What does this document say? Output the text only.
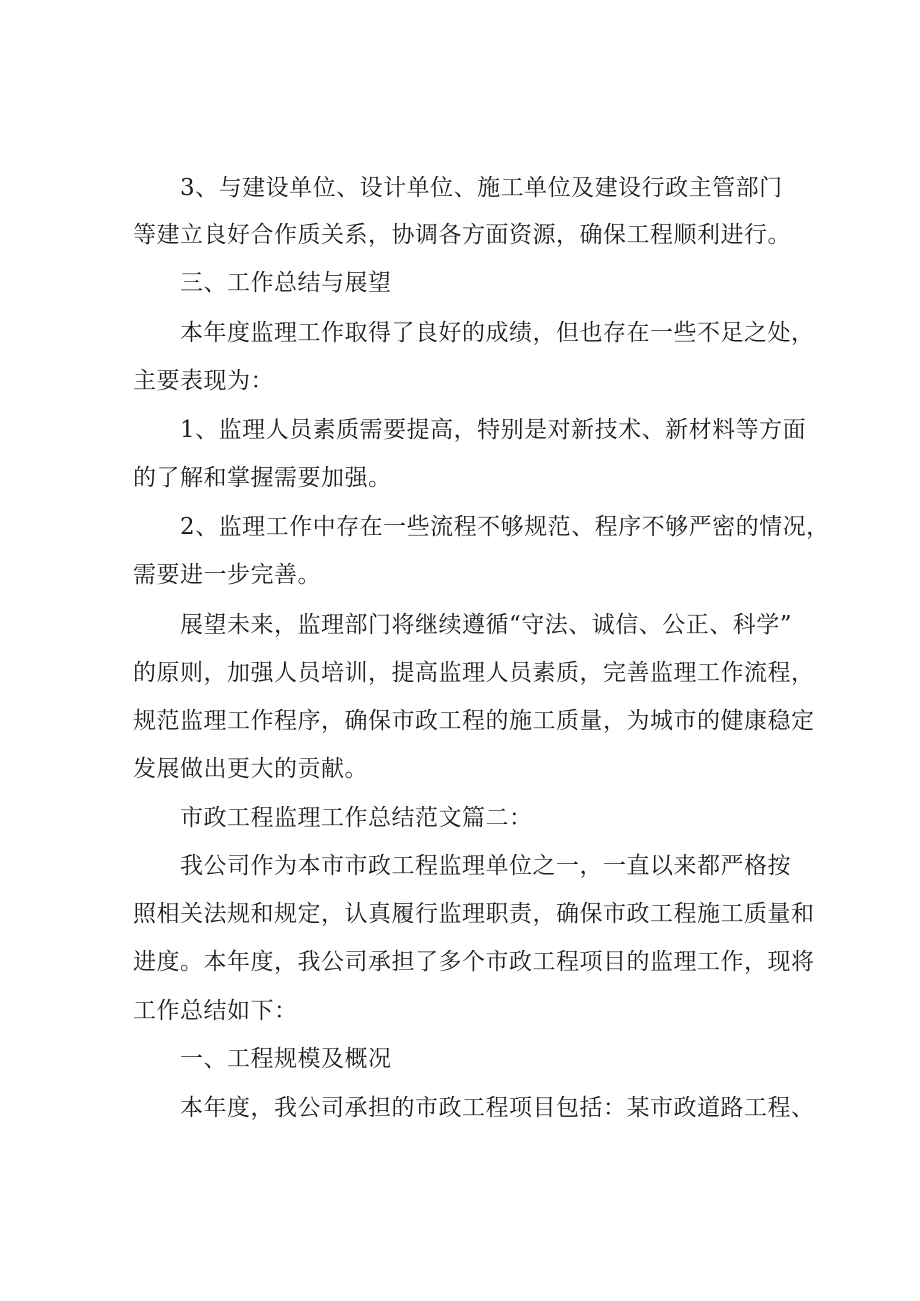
3、与建设单位、设计单位、施工单位及建设行政主管部门
等建立良好合作质关系，协调各方面资源，确保工程顺利进行。
三、工作总结与展望
本年度监理工作取得了良好的成绩，但也存在一些不足之处，
主要表现为：
1、监理人员素质需要提高，特别是对新技术、新材料等方面
的了解和掌握需要加强。
2、监理工作中存在一些流程不够规范、程序不够严密的情况，
需要进一步完善。
展望未来，监理部门将继续遵循“守法、诚信、公正、科学”
的原则，加强人员培训，提高监理人员素质，完善监理工作流程，
规范监理工作程序，确保市政工程的施工质量，为城市的健康稳定
发展做出更大的贡献。
市政工程监理工作总结范文篇二：
我公司作为本市市政工程监理单位之一，一直以来都严格按
照相关法规和规定，认真履行监理职责，确保市政工程施工质量和
进度。本年度，我公司承担了多个市政工程项目的监理工作，现将
工作总结如下：
一、工程规模及概况
本年度，我公司承担的市政工程项目包括：某市政道路工程、
